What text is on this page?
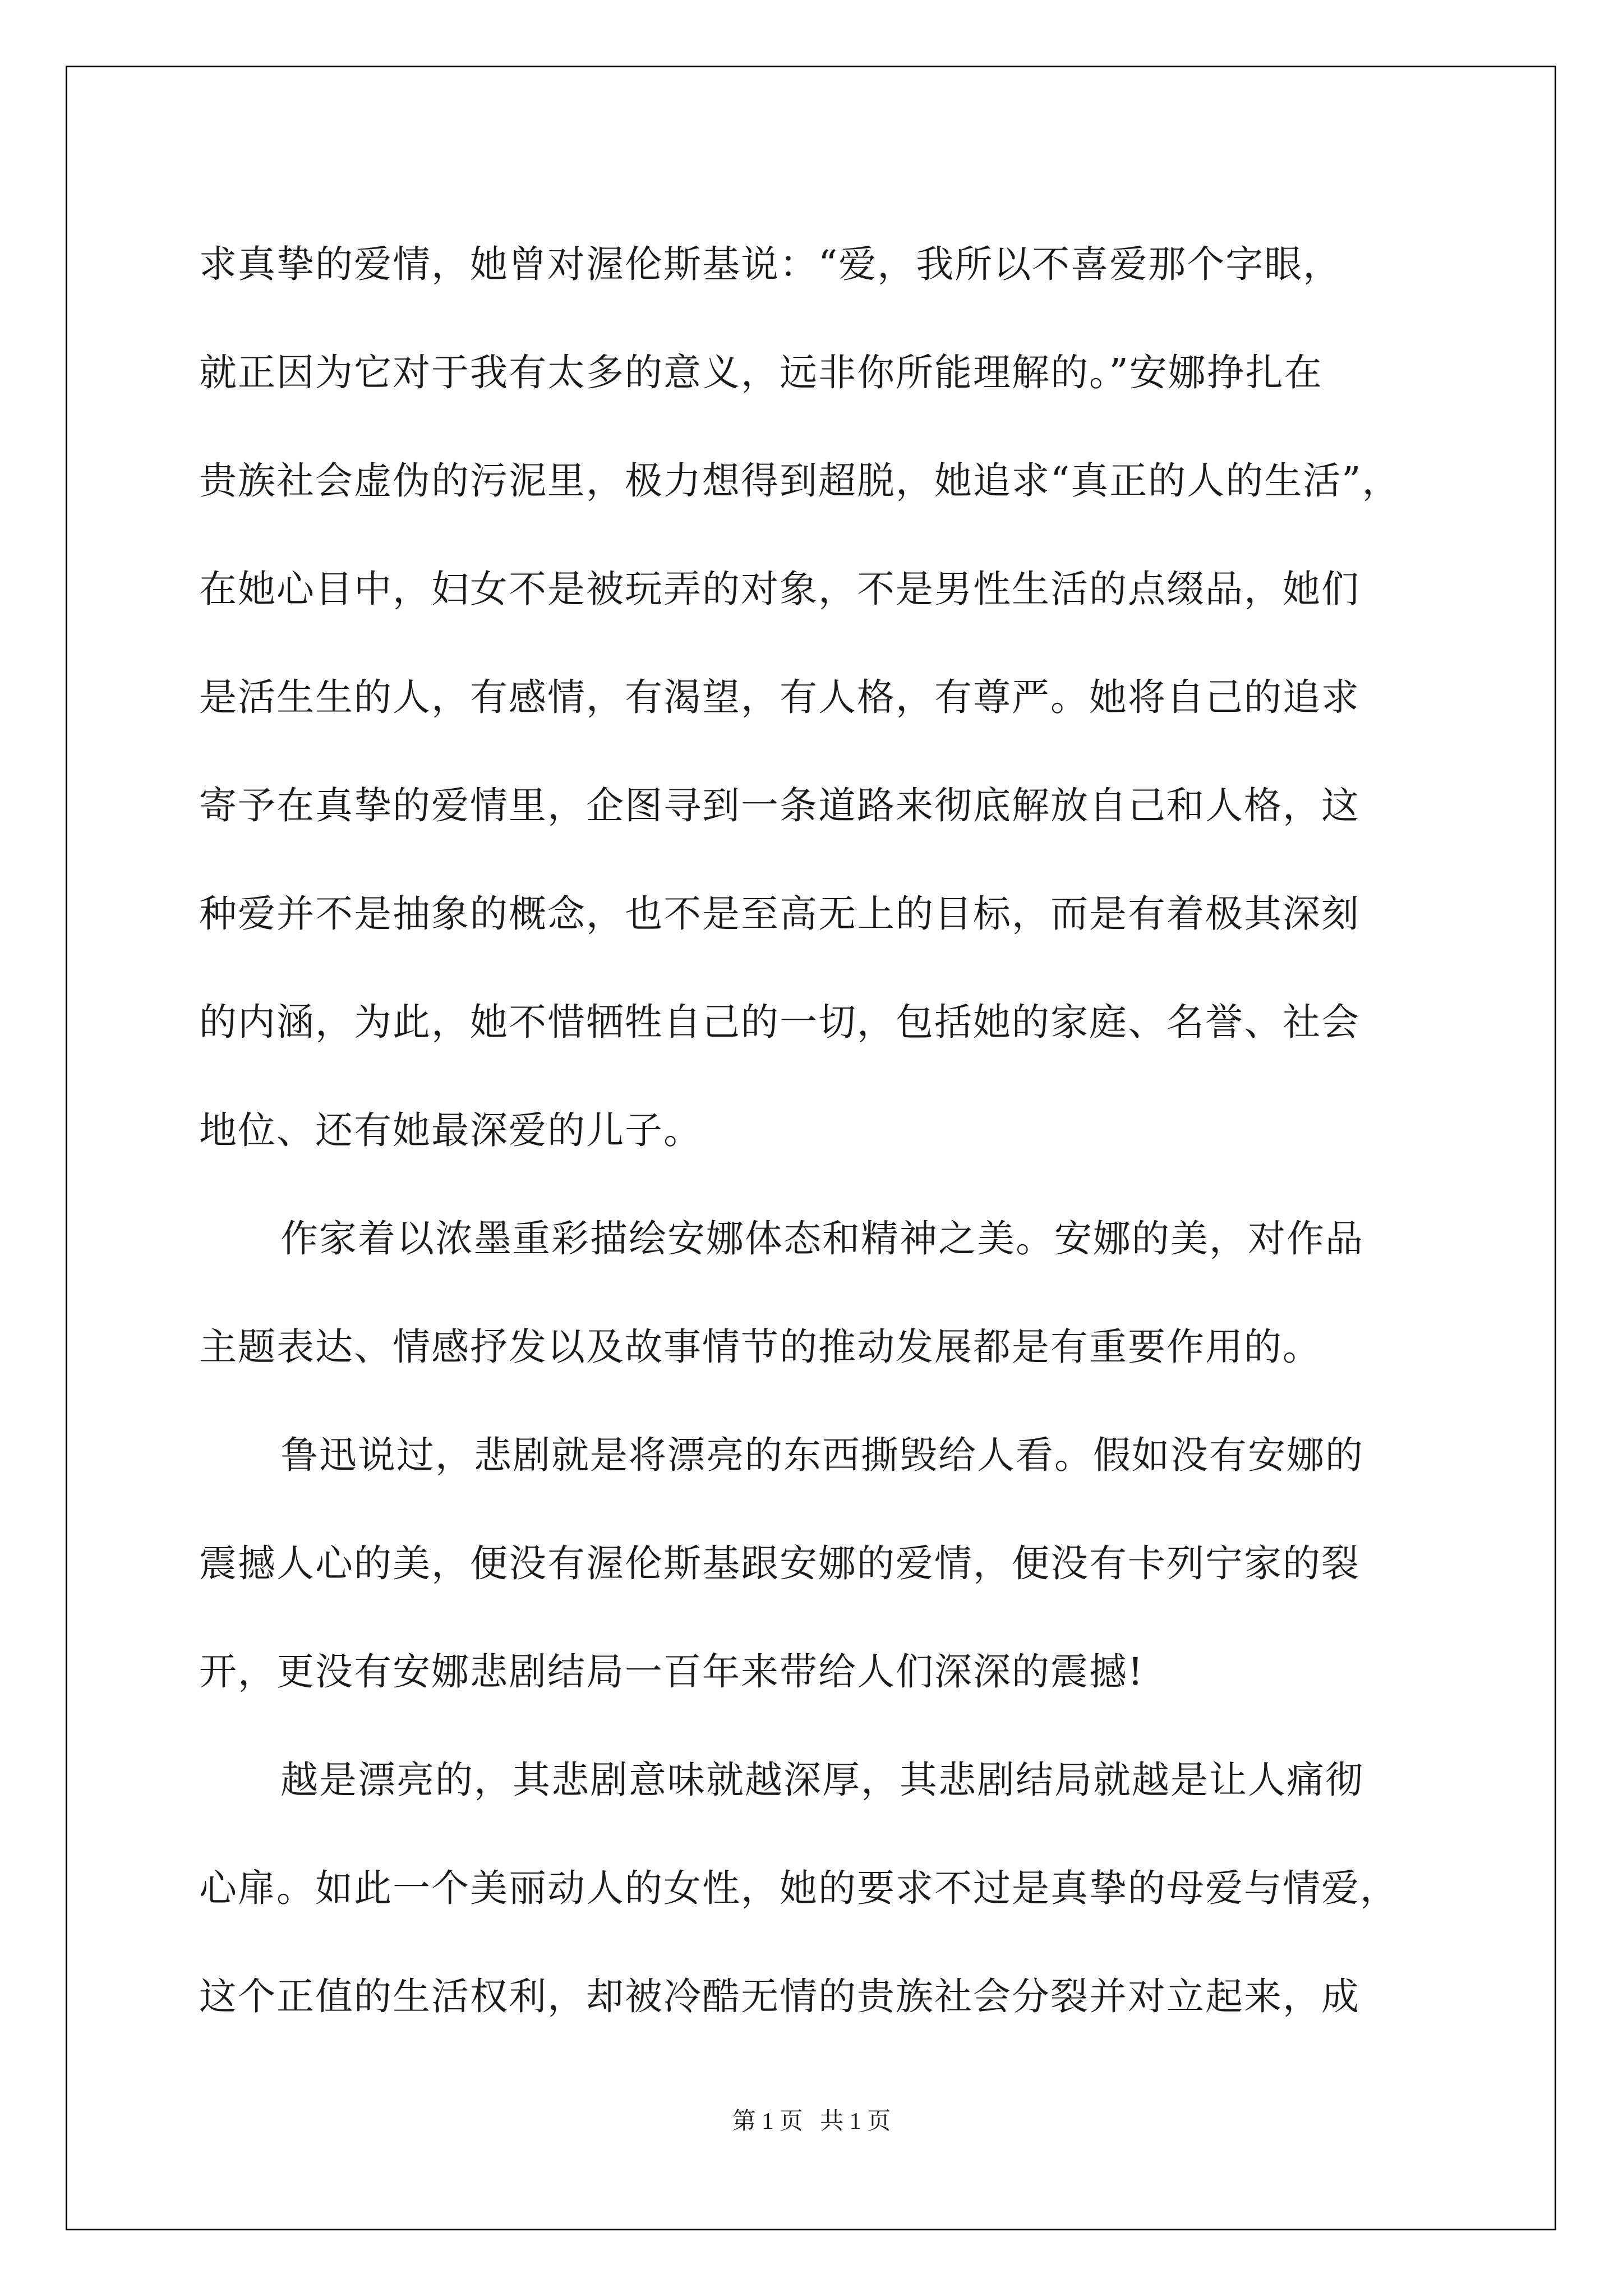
求真挚的爱情，她曾对渥伦斯基说：“爱，我所以不喜爱那个字眼，
就正因为它对于我有太多的意义，远非你所能理解的。”安娜挣扎在
贵族社会虚伪的污泥里，极力想得到超脱，她追求“真正的人的生活”，
在她心目中，妇女不是被玩弄的对象，不是男性生活的点缀品，她们
是活生生的人，有感情，有渴望，有人格，有尊严。她将自己的追求
寄予在真挚的爱情里，企图寻到一条道路来彻底解放自己和人格，这
种爱并不是抽象的概念，也不是至高无上的目标，而是有着极其深刻
的内涵，为此，她不惜牺牲自己的一切，包括她的家庭、名誉、社会
地位、还有她最深爱的儿子。
作家着以浓墨重彩描绘安娜体态和精神之美。安娜的美，对作品
主题表达、情感抒发以及故事情节的推动发展都是有重要作用的。
鲁迅说过，悲剧就是将漂亮的东西撕毁给人看。假如没有安娜的
震撼人心的美，便没有渥伦斯基跟安娜的爱情，便没有卡列宁家的裂
开，更没有安娜悲剧结局一百年来带给人们深深的震撼!
越是漂亮的，其悲剧意味就越深厚，其悲剧结局就越是让人痛彻
心扉。如此一个美丽动人的女性，她的要求不过是真挚的母爱与情爱，
这个正值的生活权利，却被冷酷无情的贵族社会分裂并对立起来，成
第 1 页 共 1 页
